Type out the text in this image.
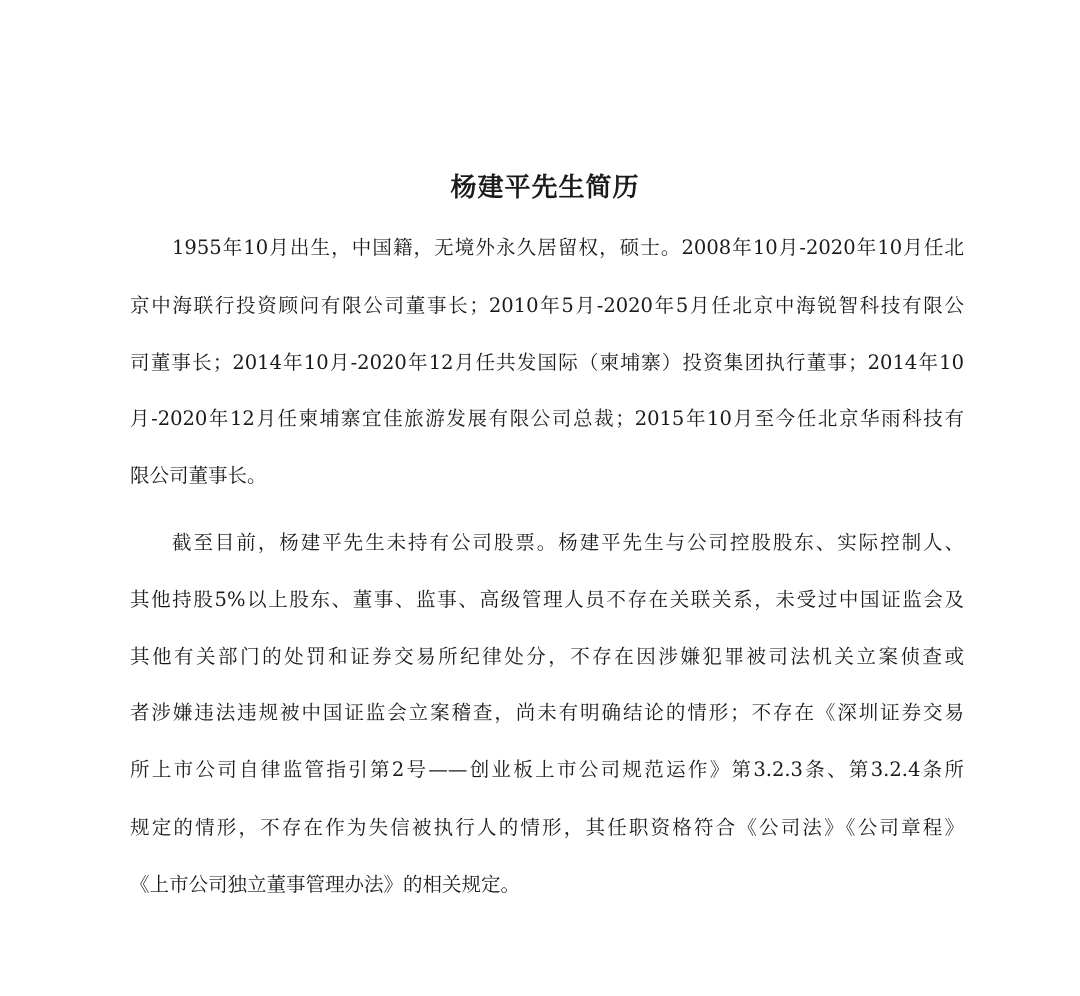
杨建平先生简历
1955年10月出生，中国籍，无境外永久居留权，硕士。2008年10月-2020年10月任北
京中海联行投资顾问有限公司董事长；2010年5月-2020年5月任北京中海锐智科技有限公
司董事长；2014年10月-2020年12月任共发国际（柬埔寨）投资集团执行董事；2014年10
月-2020年12月任柬埔寨宜佳旅游发展有限公司总裁；2015年10月至今任北京华雨科技有
限公司董事长。
截至目前，杨建平先生未持有公司股票。杨建平先生与公司控股股东、实际控制人、
其他持股5%以上股东、董事、监事、高级管理人员不存在关联关系，未受过中国证监会及
其他有关部门的处罚和证券交易所纪律处分，不存在因涉嫌犯罪被司法机关立案侦查或
者涉嫌违法违规被中国证监会立案稽查，尚未有明确结论的情形；不存在《深圳证券交易
所上市公司自律监管指引第2号——创业板上市公司规范运作》第3.2.3条、第3.2.4条所
规定的情形，不存在作为失信被执行人的情形，其任职资格符合《公司法》《公司章程》
《上市公司独立董事管理办法》的相关规定。
